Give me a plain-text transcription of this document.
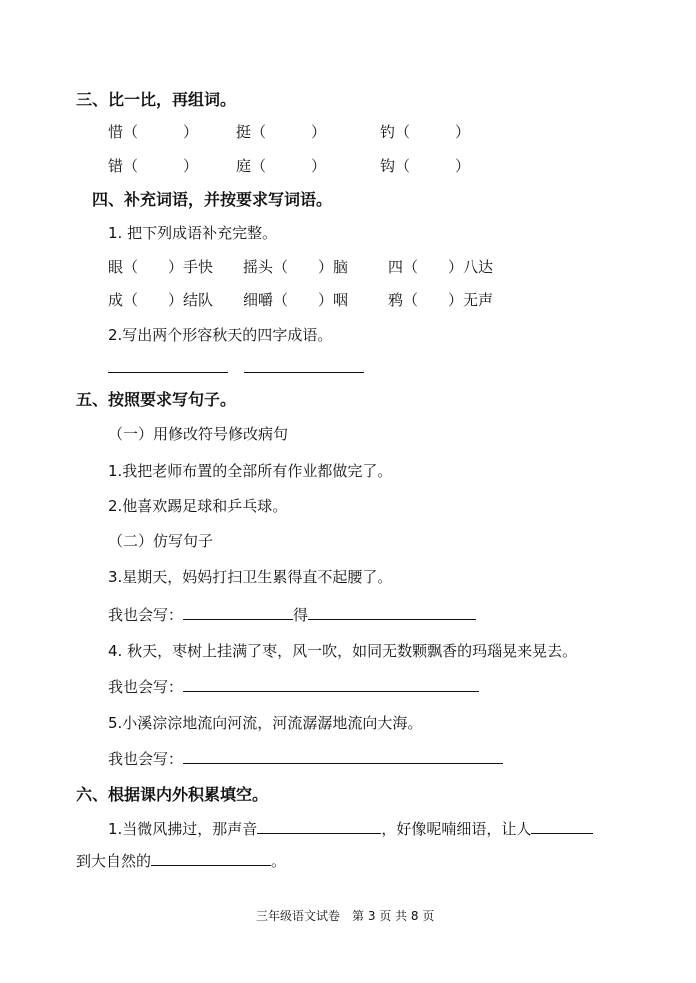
三、比一比，再组词。
惜（　　　）	挺（　　　）	钓（　　　）
错（　　　）	庭（　　　）	钩（　　　）
四、补充词语，并按要求写词语。
1. 把下列成语补充完整。
眼（　　）手快 摇头（　　）脑	四（　　）八达
成（　　）结队 细嚼（　　）咽	鸦（　　）无声
2.写出两个形容秋天的四字成语。
五、按照要求写句子。
（一）用修改符号修改病句
1.我把老师布置的全部所有作业都做完了。
2.他喜欢踢足球和乒乓球。
（二）仿写句子
3.星期天，妈妈打扫卫生累得直不起腰了。
我也会写：	得
4. 秋天，枣树上挂满了枣，风一吹，如同无数颗飘香的玛瑙晃来晃去。
我也会写：
5.小溪淙淙地流向河流，河流潺潺地流向大海。
我也会写：
六、根据课内外积累填空。
1.当微风拂过，那声音	，好像呢喃细语，让人
到大自然的	。
三年级语文试卷　第 3 页 共 8 页
